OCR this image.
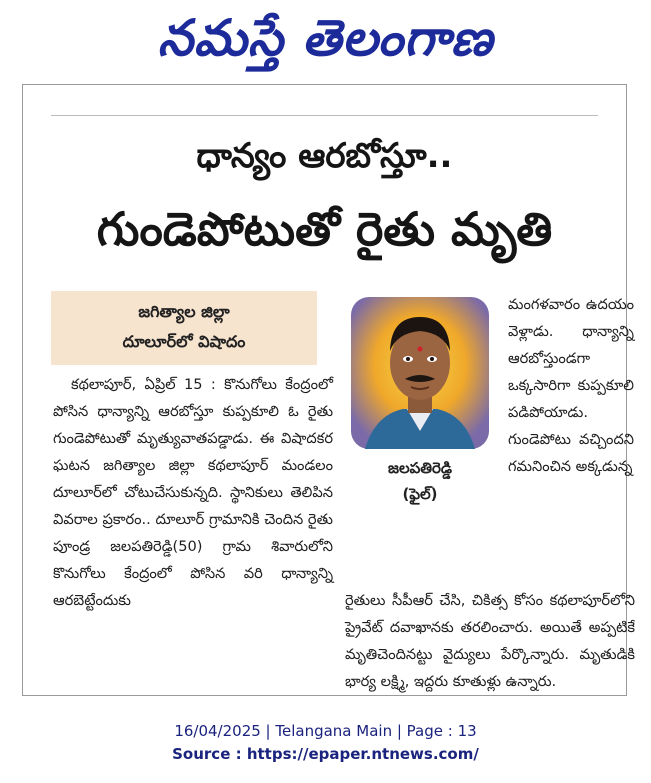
నమస్తే తెలంగాణ
ధాన్యం ఆరబోస్తూ..
గుండెపోటుతో రైతు మృతి
జగిత్యాల జిల్లా
దూలూర్‌లో విషాదం

కథలాపూర్, ఏప్రిల్ 15 : కొనుగోలు కేంద్రంలో పోసిన ధాన్యాన్ని ఆరబోస్తూ కుప్పకూలి ఓ రైతు గుండెపోటుతో మృత్యువాతపడ్డాడు. ఈ విషాదకర ఘటన జగిత్యాల జిల్లా కథలాపూర్ మండలం దూలూర్‌లో చోటుచేసుకున్నది. స్థానికులు తెలిపిన వివరాల ప్రకారం.. దూలూర్ గ్రామానికి చెందిన రైతు పూండ్ర జలపతిరెడ్డి(50) గ్రామ శివారులోని కొనుగోలు కేంద్రంలో పోసిన వరి ధాన్యాన్ని ఆరబెట్టేందుకు

జలపతిరెడ్డి
(ఫైల్)

మంగళవారం ఉదయం వెళ్లాడు. ధాన్యాన్ని ఆరబోస్తుండగా ఒక్కసారిగా కుప్పకూలి పడిపోయాడు. గుండెపోటు వచ్చిందని గమనించిన అక్కడున్న

రైతులు సీపీఆర్ చేసి, చికిత్స కోసం కథలాపూర్‌లోని ప్రైవేట్ దవాఖానకు తరలించారు. అయితే అప్పటికే మృతిచెందినట్టు వైద్యులు పేర్కొన్నారు. మృతుడికి భార్య లక్ష్మి, ఇద్దరు కూతుళ్లు ఉన్నారు.

16/04/2025 | Telangana Main | Page : 13
Source : https://epaper.ntnews.com/
